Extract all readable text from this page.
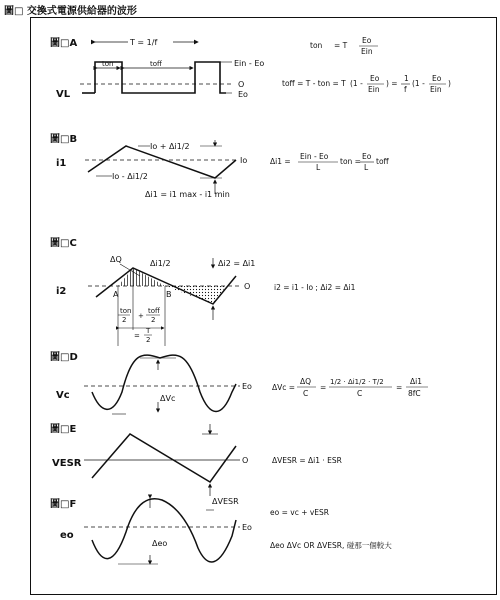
圖□ 交換式電源供給器的波形
圖□A
VL
T = 1/f
ton	toff	Ein - Eo
O
Eo
ton = T
Eo
Ein
toff = T - ton = T (1 -
Eo
Ein
) =
1
f
(1 -
Eo
Ein
)
圖□B
i1
Io + Δi1/2
Io - Δi1/2
Io
Δi1 = i1 max - i1 min
Δi1 =
Ein - Eo
L
ton =
Eo
L
toff
圖□C
i2
ΔQ	Δi1/2
A	B
O
Δi2 = Δi1
ton
2 +
toff
2
=
T
2
i2 = i1 - Io ; Δi2 = Δi1
圖□D
Vc	ΔVc
Eo	ΔVc =
ΔQ
C
=
1/2 · Δi1/2 · T/2
C
=
Δi1
8fC
圖□E
VESR	O	ΔVESR = Δi1 · ESR
ΔVESR
圖□F
eo
Δeo
Eo
eo = vc + vESR
Δeo ΔVc OR ΔVESR, 碰那一個較大
